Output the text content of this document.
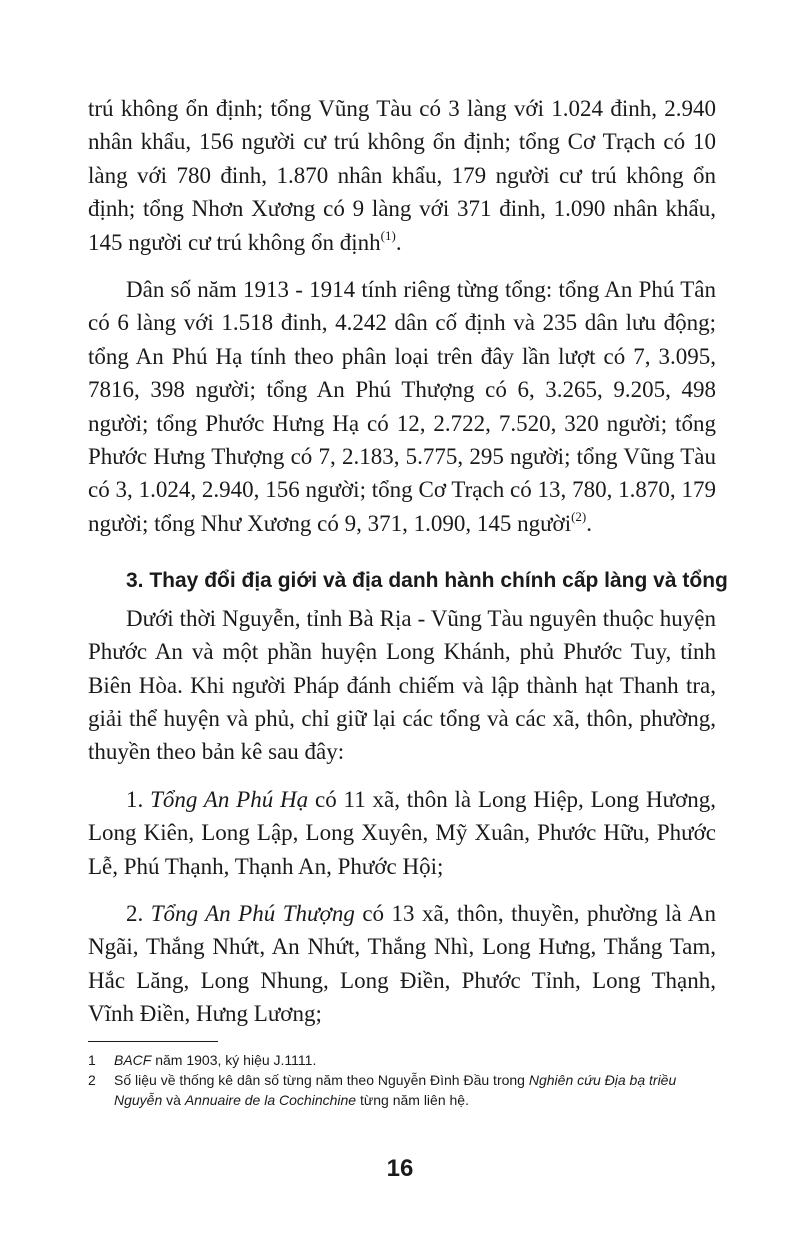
trú không ổn định; tổng Vũng Tàu có 3 làng với 1.024 đinh, 2.940 nhân khẩu, 156 người cư trú không ổn định; tổng Cơ Trạch có 10 làng với 780 đinh, 1.870 nhân khẩu, 179 người cư trú không ổn định; tổng Nhơn Xương có 9 làng với 371 đinh, 1.090 nhân khẩu, 145 người cư trú không ổn định$^{(1)}$.

Dân số năm 1913 - 1914 tính riêng từng tổng: tổng An Phú Tân có 6 làng với 1.518 đinh, 4.242 dân cố định và 235 dân lưu động; tổng An Phú Hạ tính theo phân loại trên đây lần lượt có 7, 3.095, 7816, 398 người; tổng An Phú Thượng có 6, 3.265, 9.205, 498 người; tổng Phước Hưng Hạ có 12, 2.722, 7.520, 320 người; tổng Phước Hưng Thượng có 7, 2.183, 5.775, 295 người; tổng Vũng Tàu có 3, 1.024, 2.940, 156 người; tổng Cơ Trạch có 13, 780, 1.870, 179 người; tổng Như Xương có 9, 371, 1.090, 145 người$^{(2)}$.

3. Thay đổi địa giới và địa danh hành chính cấp làng và tổng

Dưới thời Nguyễn, tỉnh Bà Rịa - Vũng Tàu nguyên thuộc huyện Phước An và một phần huyện Long Khánh, phủ Phước Tuy, tỉnh Biên Hòa. Khi người Pháp đánh chiếm và lập thành hạt Thanh tra, giải thể huyện và phủ, chỉ giữ lại các tổng và các xã, thôn, phường, thuyền theo bản kê sau đây:

1. Tổng An Phú Hạ có 11 xã, thôn là Long Hiệp, Long Hương, Long Kiên, Long Lập, Long Xuyên, Mỹ Xuân, Phước Hữu, Phước Lễ, Phú Thạnh, Thạnh An, Phước Hội;

2. Tổng An Phú Thượng có 13 xã, thôn, thuyền, phường là An Ngãi, Thắng Nhứt, An Nhứt, Thắng Nhì, Long Hưng, Thắng Tam, Hắc Lăng, Long Nhung, Long Điền, Phước Tỉnh, Long Thạnh, Vĩnh Điền, Hưng Lương;

1 BACF năm 1903, ký hiệu J.1111.

2 Số liệu về thống kê dân số từng năm theo Nguyễn Đình Đầu trong Nghiên cứu Địa bạ triều Nguyễn và Annuaire de la Cochinchine từng năm liên hệ.

16
